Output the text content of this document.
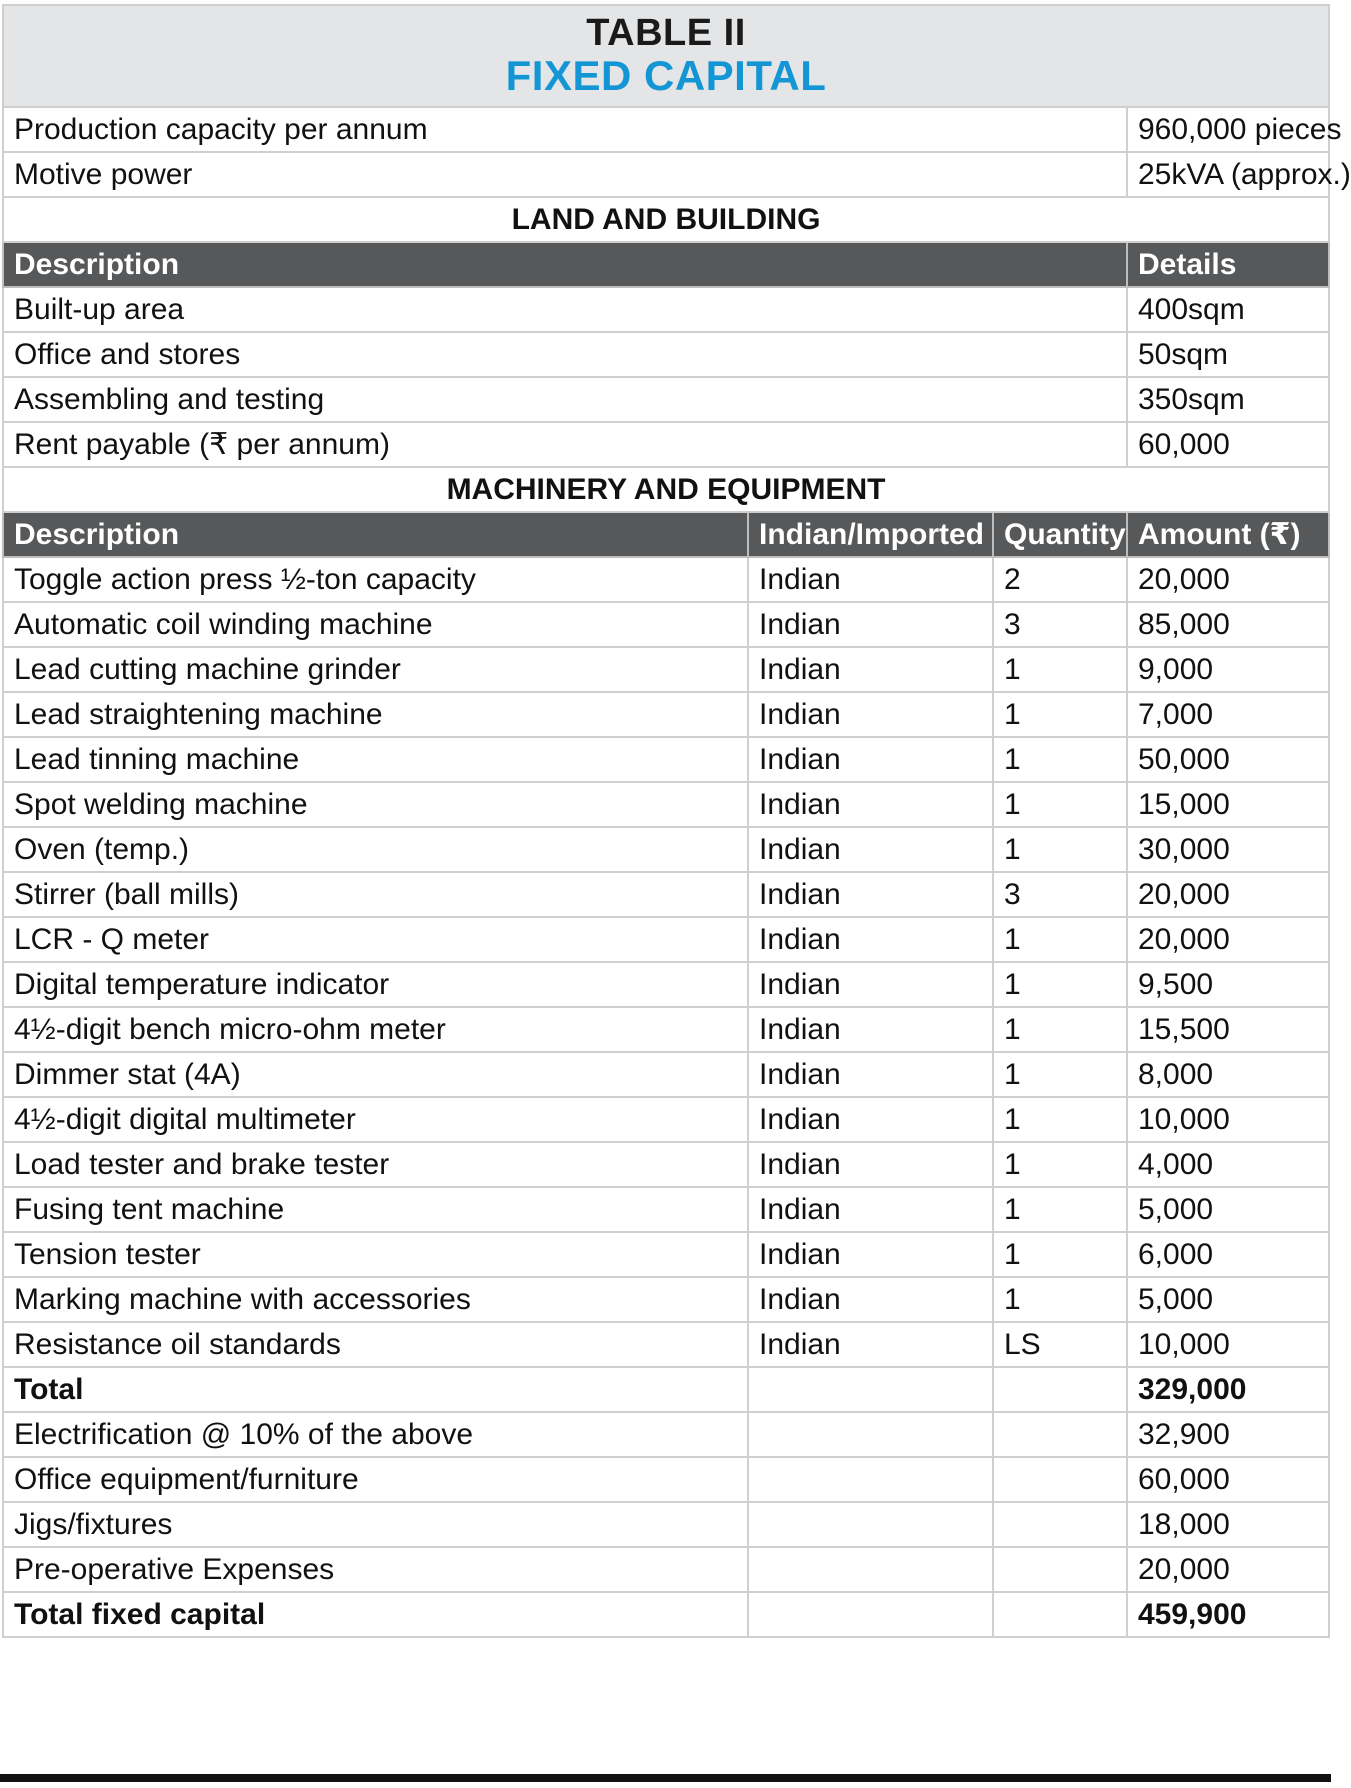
TABLE II
FIXED CAPITAL			

Production capacity per annum			960,000 pieces
Motive power			25kVA (approx.)
LAND AND BUILDING			
Description			Details
Built-up area			400sqm
Office and stores			50sqm
Assembling and testing			350sqm
Rent payable (₹ per annum)			60,000
MACHINERY AND EQUIPMENT			
Description	Indian/Imported	Quantity	Amount (₹)
Toggle action press ½-ton capacity	Indian	2	20,000
Automatic coil winding machine	Indian	3	85,000
Lead cutting machine grinder	Indian	1	9,000
Lead straightening machine	Indian	1	7,000
Lead tinning machine	Indian	1	50,000
Spot welding machine	Indian	1	15,000
Oven (temp.)	Indian	1	30,000
Stirrer (ball mills)	Indian	3	20,000
LCR - Q meter	Indian	1	20,000
Digital temperature indicator	Indian	1	9,500
4½-digit bench micro-ohm meter	Indian	1	15,500
Dimmer stat (4A)	Indian	1	8,000
4½-digit digital multimeter	Indian	1	10,000
Load tester and brake tester	Indian	1	4,000
Fusing tent machine	Indian	1	5,000
Tension tester	Indian	1	6,000
Marking machine with accessories	Indian	1	5,000
Resistance oil standards	Indian	LS	10,000
Total			329,000
Electrification @ 10% of the above			32,900
Office equipment/furniture			60,000
Jigs/fixtures			18,000
Pre-operative Expenses			20,000
Total fixed capital			459,900
